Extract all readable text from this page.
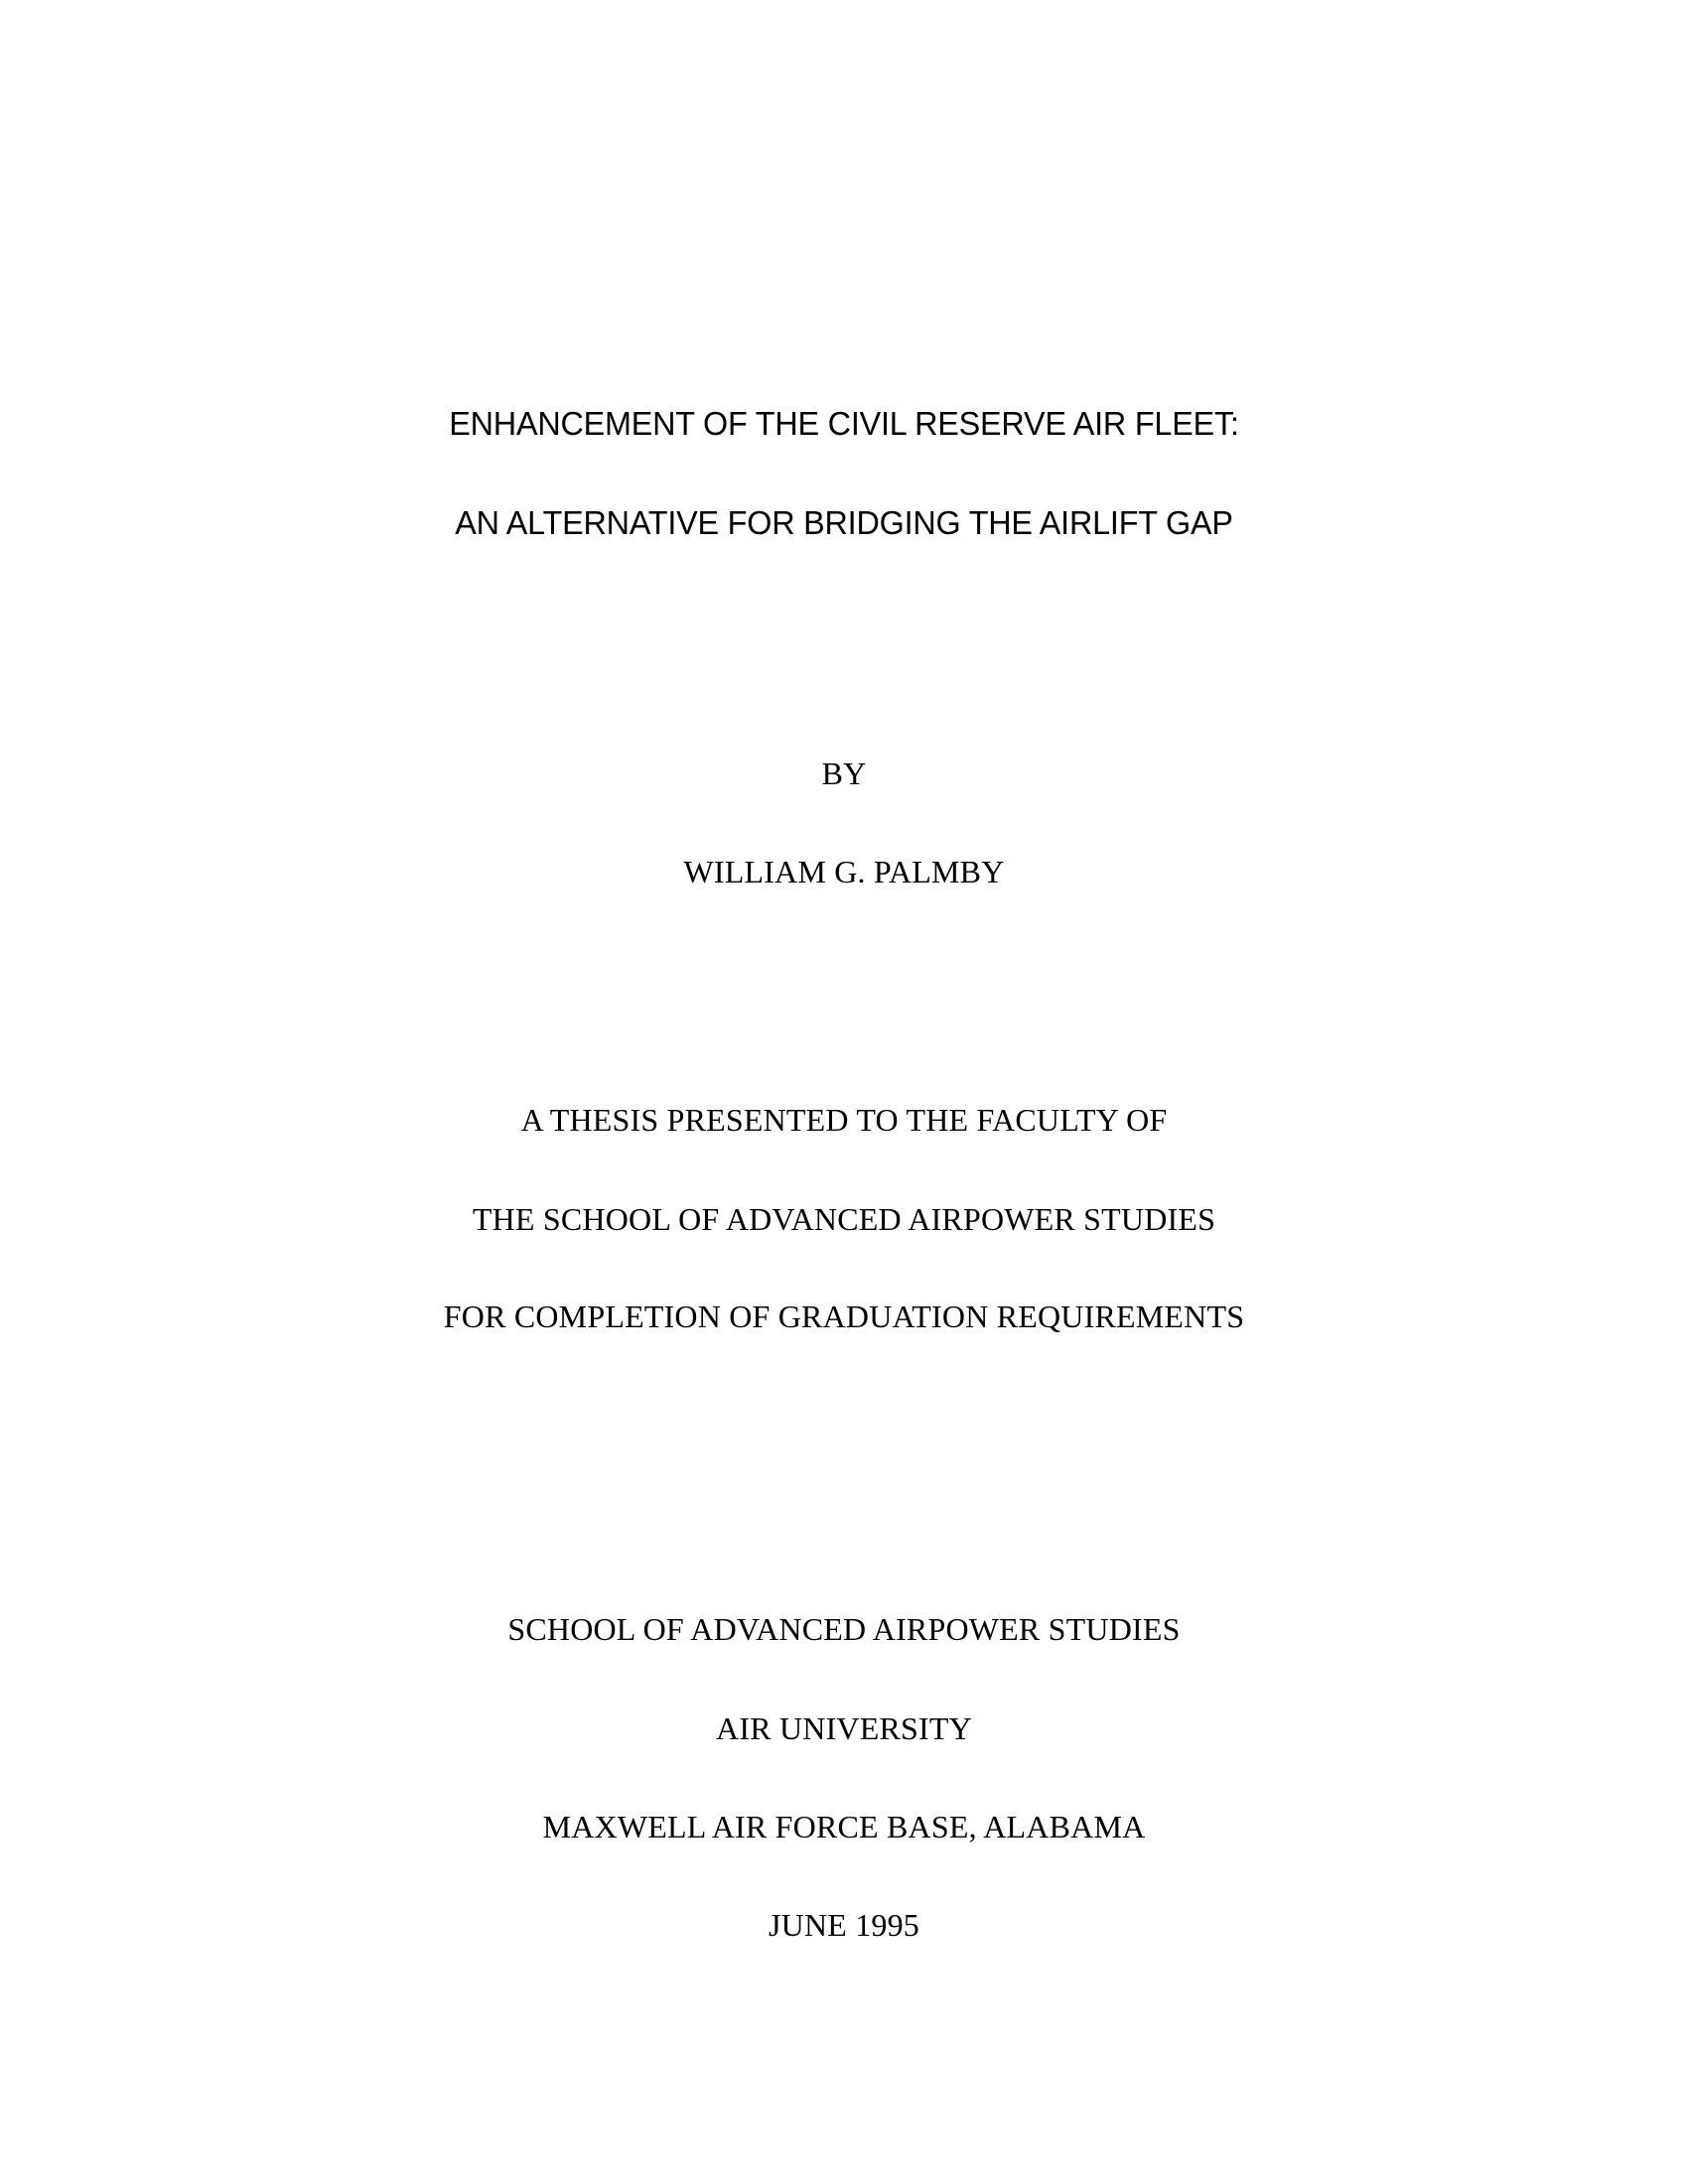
ENHANCEMENT OF THE CIVIL RESERVE AIR FLEET:
AN ALTERNATIVE FOR BRIDGING THE AIRLIFT GAP
BY
WILLIAM G. PALMBY
A THESIS PRESENTED TO THE FACULTY OF
THE SCHOOL OF ADVANCED AIRPOWER STUDIES
FOR COMPLETION OF GRADUATION REQUIREMENTS
SCHOOL OF ADVANCED AIRPOWER STUDIES
AIR UNIVERSITY
MAXWELL AIR FORCE BASE, ALABAMA
JUNE 1995
